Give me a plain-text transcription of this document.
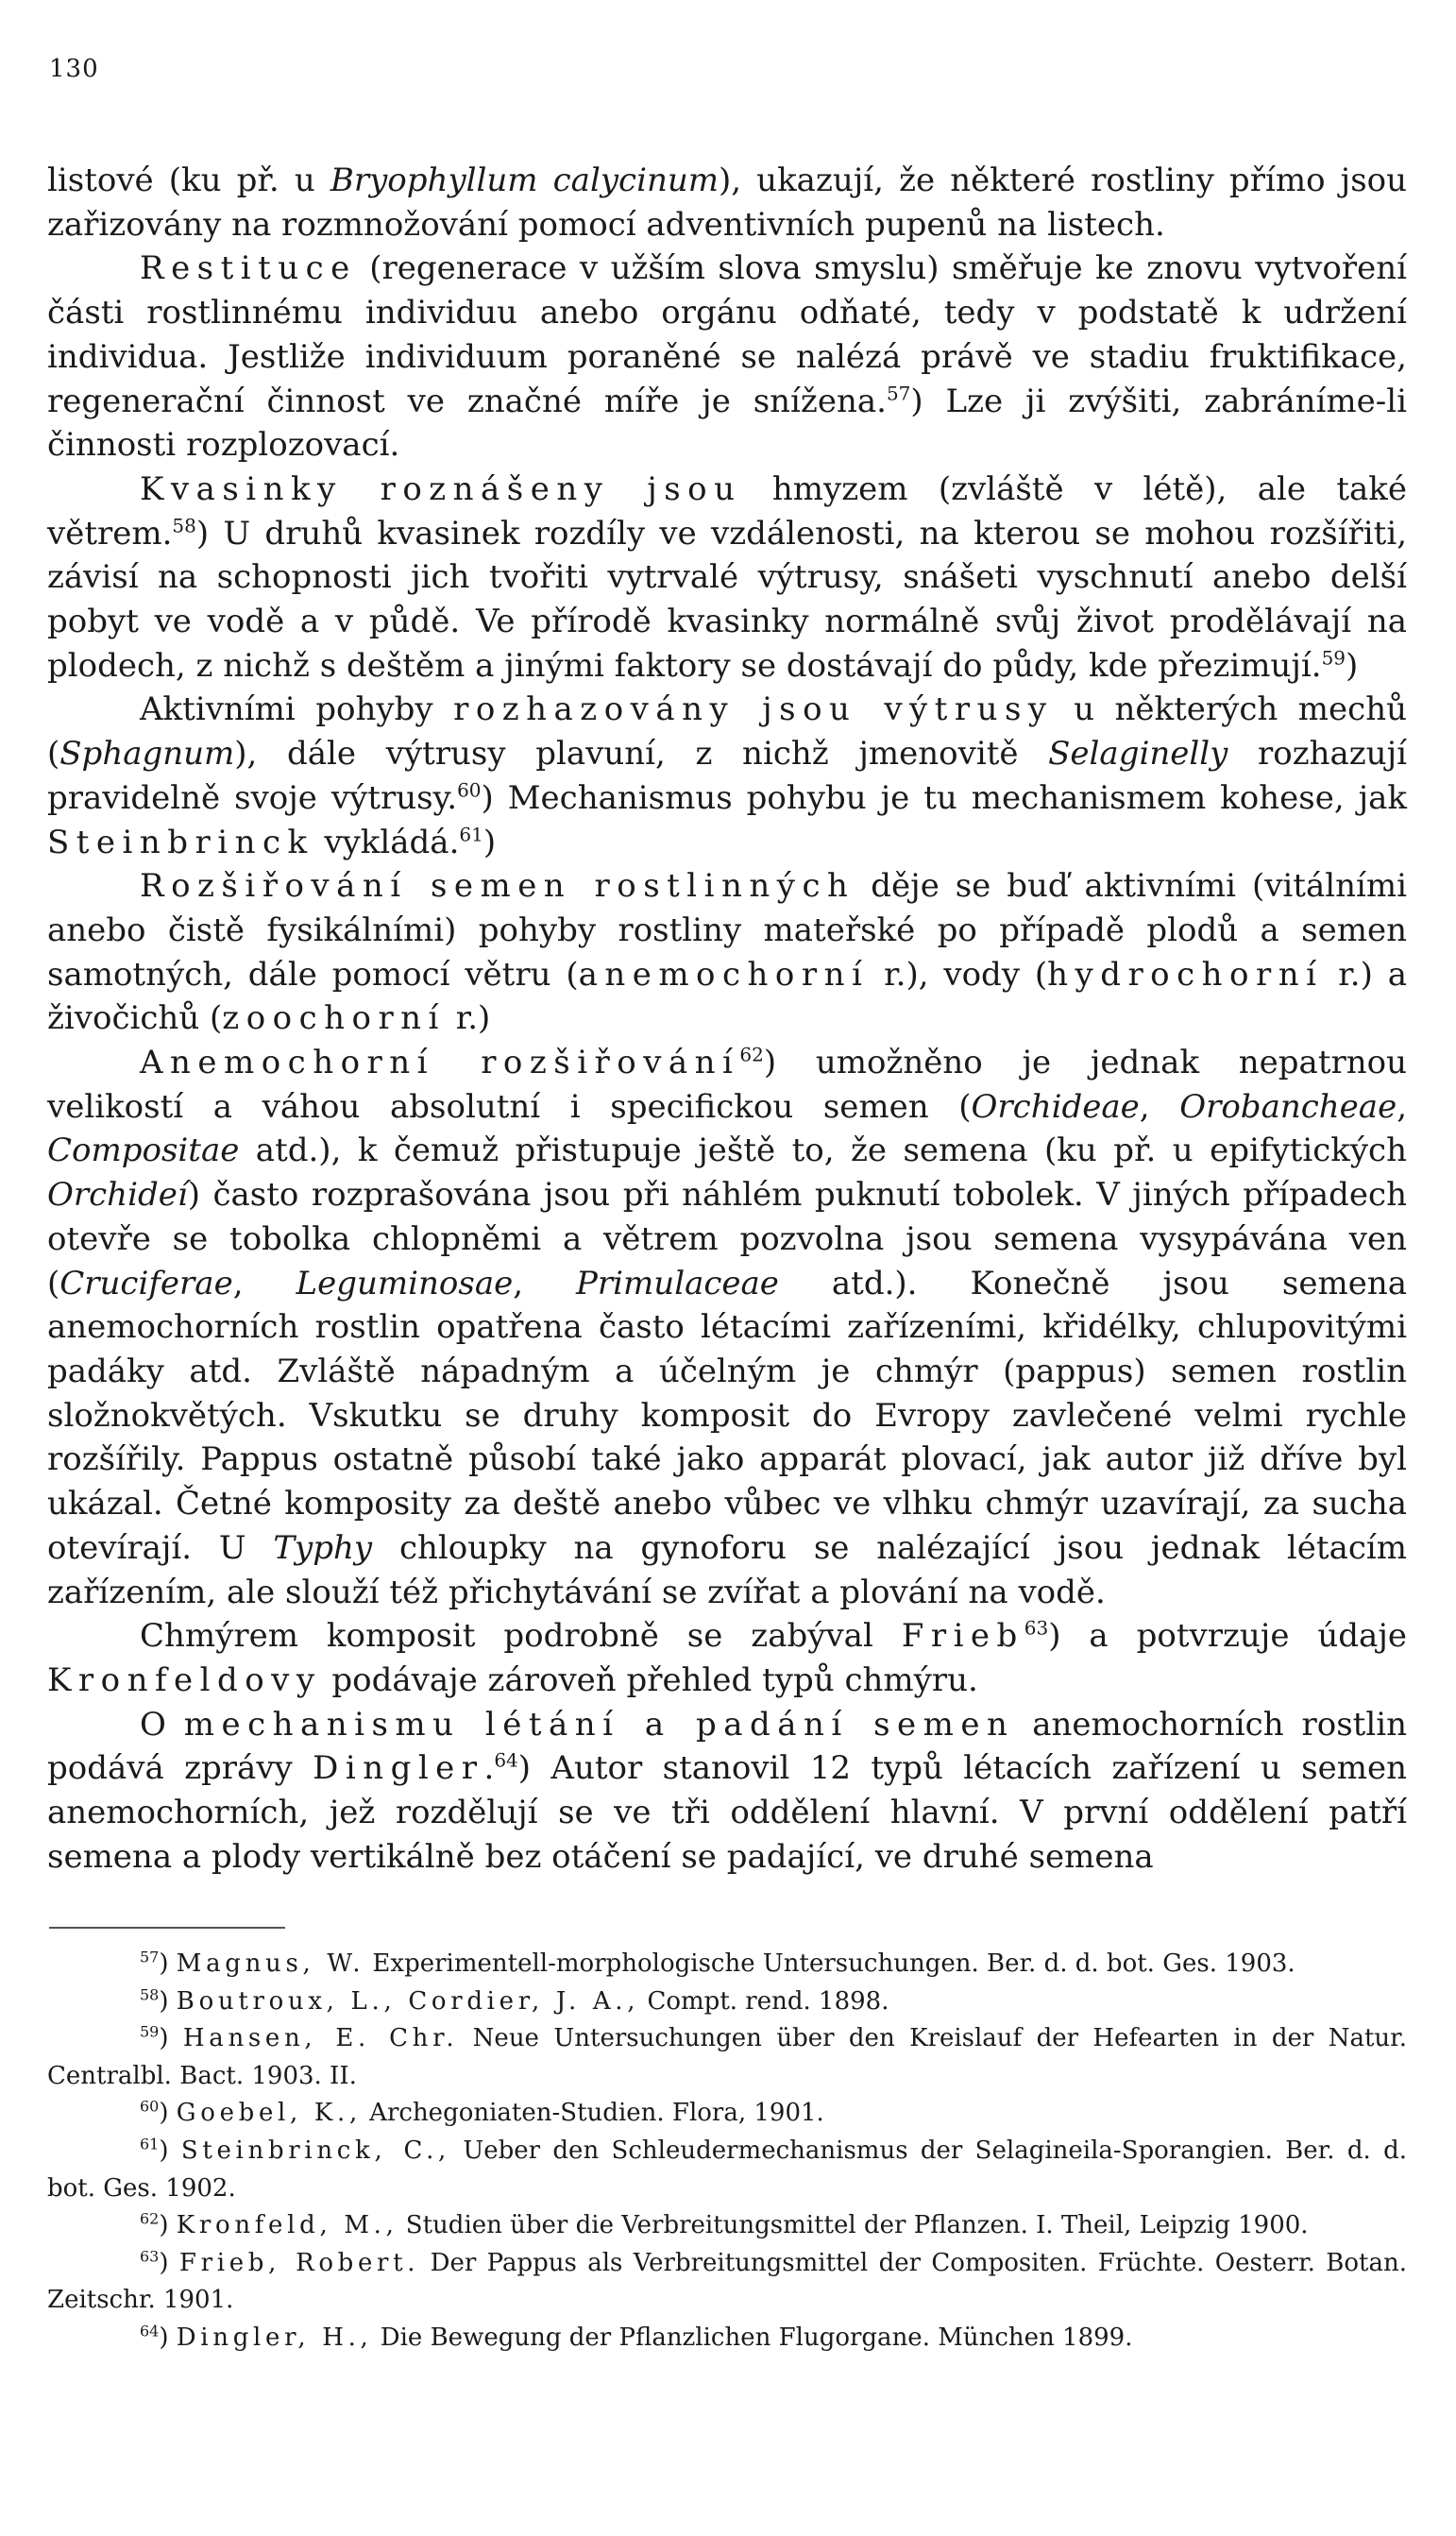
130

listové (ku př. u Bryophyllum calycinum), ukazují, že některé rostliny přímo jsou zařizovány na rozmnožování pomocí adventivních pupenů na listech.

Restituce (regenerace v užším slova smyslu) směřuje ke znovu vytvoření části rostlinnému individuu anebo orgánu odňaté, tedy v podstatě k udržení individua. Jestliže individuum poraněné se nalézá právě ve stadiu fruktifikace, regenerační činnost ve značné míře je snížena.$^{57}$) Lze ji zvýšiti, zabráníme-li činnosti rozplozovací.

Kvasinky roznášeny jsou hmyzem (zvláště v létě), ale také větrem.$^{58}$) U druhů kvasinek rozdíly ve vzdálenosti, na kterou se mohou rozšířiti, závisí na schopnosti jich tvořiti vytrvalé výtrusy, snášeti vyschnutí anebo delší pobyt ve vodě a v půdě. Ve přírodě kvasinky normálně svůj život prodělávají na plodech, z nichž s deštěm a jinými faktory se dostávají do půdy, kde přezimují.$^{59}$)

Aktivními pohyby rozhazovány jsou výtrusy u některých mechů (Sphagnum), dále výtrusy plavuní, z nichž jmenovitě Selaginelly rozhazují pravidelně svoje výtrusy.$^{60}$) Mechanismus pohybu je tu mechanismem kohese, jak Steinbrinck vykládá.$^{61}$)

Rozšiřování semen rostlinných děje se buď aktivními (vitálními anebo čistě fysikálními) pohyby rostliny mateřské po případě plodů a semen samotných, dále pomocí větru (anemochorní r.), vody (hydrochorní r.) a živočichů (zoochorní r.)

Anemochorní rozšiřování$^{62}$) umožněno je jednak nepatrnou velikostí a váhou absolutní i specifickou semen (Orchideae, Orobancheae, Compositae atd.), k čemuž přistupuje ještě to, že semena (ku př. u epifytických Orchideí) často rozprašována jsou při náhlém puknutí tobolek. V jiných případech otevře se tobolka chlopněmi a větrem pozvolna jsou semena vysypávána ven (Cruciferae, Leguminosae, Primulaceae atd.). Konečně jsou semena anemochorních rostlin opatřena často létacími zařízeními, křidélky, chlupovitými padáky atd. Zvláště nápadným a účelným je chmýr (pappus) semen rostlin složnokvětých. Vskutku se druhy komposit do Evropy zavlečené velmi rychle rozšířily. Pappus ostatně působí také jako apparát plovací, jak autor již dříve byl ukázal. Četné komposity za deště anebo vůbec ve vlhku chmýr uzavírají, za sucha otevírají. U Typhy chloupky na gynoforu se nalézající jsou jednak létacím zařízením, ale slouží též přichytávání se zvířat a plování na vodě.

Chmýrem komposit podrobně se zabýval Frieb$^{63}$) a potvrzuje údaje Kronfeldovy podávaje zároveň přehled typů chmýru.

O mechanismu létání a padání semen anemochorních rostlin podává zprávy Dingler.$^{64}$) Autor stanovil 12 typů létacích zařízení u semen anemochorních, jež rozdělují se ve tři oddělení hlavní. V první oddělení patří semena a plody vertikálně bez otáčení se padající, ve druhé semena

$^{57}$) Magnus, W. Experimentell-morphologische Untersuchungen. Ber. d. d. bot. Ges. 1903.

$^{58}$) Boutroux, L., Cordier, J. A., Compt. rend. 1898.

$^{59}$) Hansen, E. Chr. Neue Untersuchungen über den Kreislauf der Hefearten in der Natur. Centralbl. Bact. 1903. II.

$^{60}$) Goebel, K., Archegoniaten-Studien. Flora, 1901.

$^{61}$) Steinbrinck, C., Ueber den Schleudermechanismus der Selagineila-Sporangien. Ber. d. d. bot. Ges. 1902.

$^{62}$) Kronfeld, M., Studien über die Verbreitungsmittel der Pflanzen. I. Theil, Leipzig 1900.

$^{63}$) Frieb, Robert. Der Pappus als Verbreitungsmittel der Compositen. Früchte. Oesterr. Botan. Zeitschr. 1901.

$^{64}$) Dingler, H., Die Bewegung der Pflanzlichen Flugorgane. München 1899.
